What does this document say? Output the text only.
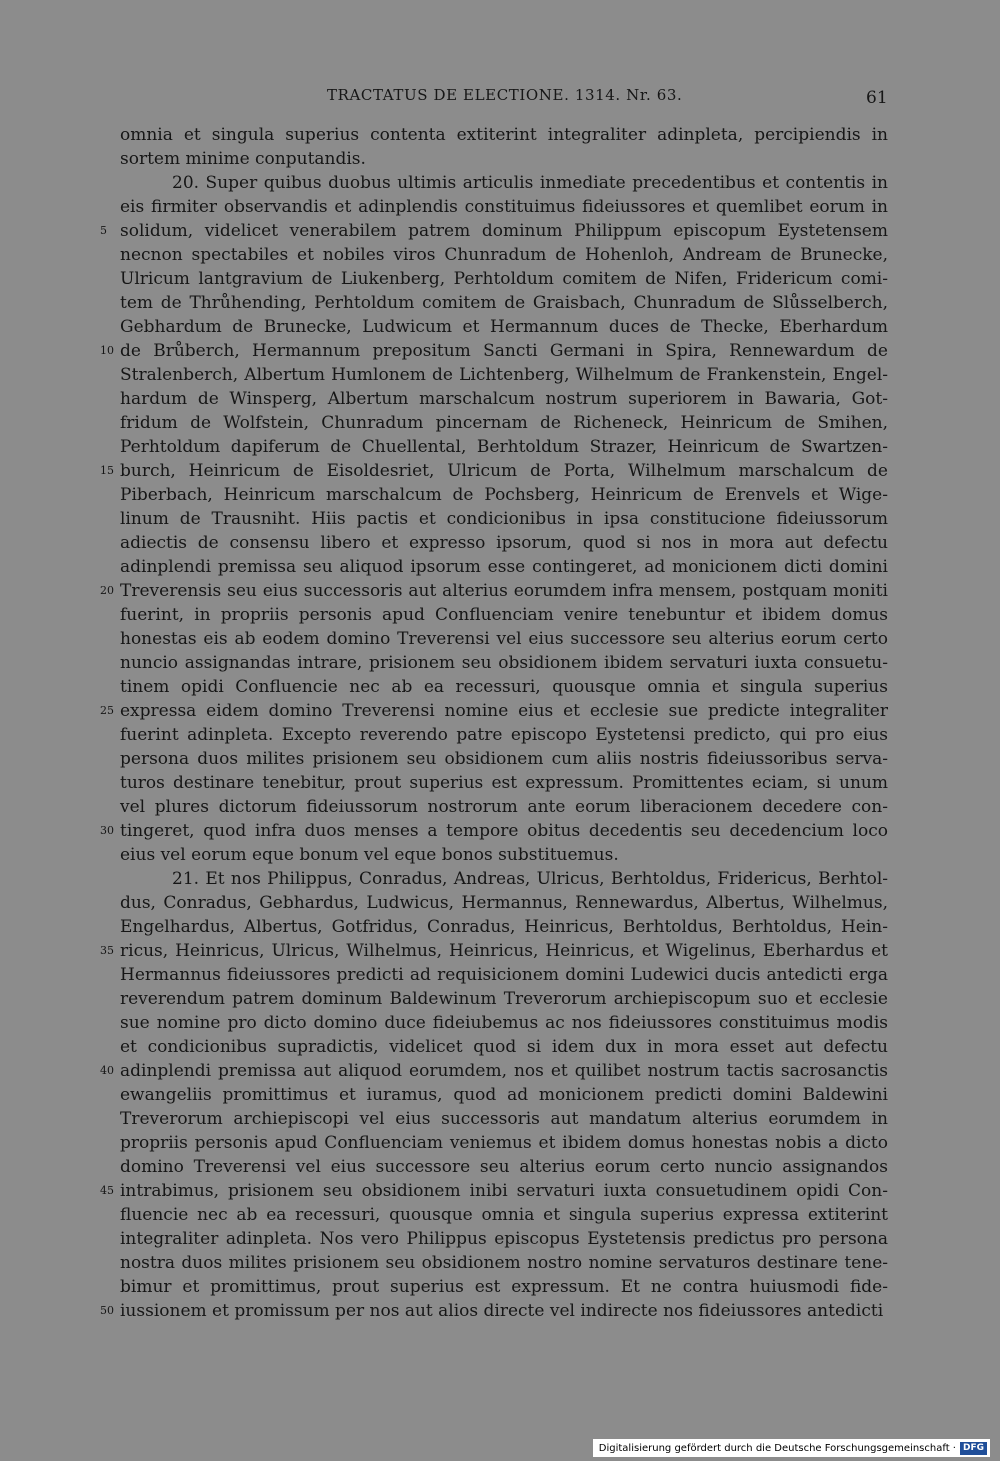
TRACTATUS DE ELECTIONE. 1314. Nr. 63.	61
omnia et singula superius contenta extiterint integraliter adinpleta, percipiendis in
sortem minime conputandis.
20. Super quibus duobus ultimis articulis inmediate precedentibus et contentis in
eis firmiter observandis et adinplendis constituimus fideiussores et quemlibet eorum in
solidum, videlicet venerabilem patrem dominum Philippum episcopum Eystetensem
5
necnon spectabiles et nobiles viros Chunradum de Hohenloh, Andream de Brunecke,
Ulricum lantgravium de Liukenberg, Perhtoldum comitem de Nifen, Fridericum comi-
tem de Thrůhending, Perhtoldum comitem de Graisbach, Chunradum de Slůsselberch,
Gebhardum de Brunecke, Ludwicum et Hermannum duces de Thecke, Eberhardum
de Brůberch, Hermannum prepositum Sancti Germani in Spira, Rennewardum de
10
Stralenberch, Albertum Humlonem de Lichtenberg, Wilhelmum de Frankenstein, Engel-
hardum de Winsperg, Albertum marschalcum nostrum superiorem in Bawaria, Got-
fridum de Wolfstein, Chunradum pincernam de Richeneck, Heinricum de Smihen,
Perhtoldum dapiferum de Chuellental, Berhtoldum Strazer, Heinricum de Swartzen-
burch, Heinricum de Eisoldesriet, Ulricum de Porta, Wilhelmum marschalcum de
15
Piberbach, Heinricum marschalcum de Pochsberg, Heinricum de Erenvels et Wige-
linum de Trausniht. Hiis pactis et condicionibus in ipsa constitucione fideiussorum
adiectis de consensu libero et expresso ipsorum, quod si nos in mora aut defectu
adinplendi premissa seu aliquod ipsorum esse contingeret, ad monicionem dicti domini
Treverensis seu eius successoris aut alterius eorumdem infra mensem, postquam moniti
20
fuerint, in propriis personis apud Confluenciam venire tenebuntur et ibidem domus
honestas eis ab eodem domino Treverensi vel eius successore seu alterius eorum certo
nuncio assignandas intrare, prisionem seu obsidionem ibidem servaturi iuxta consuetu-
tinem opidi Confluencie nec ab ea recessuri, quousque omnia et singula superius
expressa eidem domino Treverensi nomine eius et ecclesie sue predicte integraliter
25
fuerint adinpleta. Excepto reverendo patre episcopo Eystetensi predicto, qui pro eius
persona duos milites prisionem seu obsidionem cum aliis nostris fideiussoribus serva-
turos destinare tenebitur, prout superius est expressum. Promittentes eciam, si unum
vel plures dictorum fideiussorum nostrorum ante eorum liberacionem decedere con-
tingeret, quod infra duos menses a tempore obitus decedentis seu decedencium loco
30
eius vel eorum eque bonum vel eque bonos substituemus.
21. Et nos Philippus, Conradus, Andreas, Ulricus, Berhtoldus, Fridericus, Berhtol-
dus, Conradus, Gebhardus, Ludwicus, Hermannus, Rennewardus, Albertus, Wilhelmus,
Engelhardus, Albertus, Gotfridus, Conradus, Heinricus, Berhtoldus, Berhtoldus, Hein-
ricus, Heinricus, Ulricus, Wilhelmus, Heinricus, Heinricus, et Wigelinus, Eberhardus et
35
Hermannus fideiussores predicti ad requisicionem domini Ludewici ducis antedicti erga
reverendum patrem dominum Baldewinum Treverorum archiepiscopum suo et ecclesie
sue nomine pro dicto domino duce fideiubemus ac nos fideiussores constituimus modis
et condicionibus supradictis, videlicet quod si idem dux in mora esset aut defectu
adinplendi premissa aut aliquod eorumdem, nos et quilibet nostrum tactis sacrosanctis
40
ewangeliis promittimus et iuramus, quod ad monicionem predicti domini Baldewini
Treverorum archiepiscopi vel eius successoris aut mandatum alterius eorumdem in
propriis personis apud Confluenciam veniemus et ibidem domus honestas nobis a dicto
domino Treverensi vel eius successore seu alterius eorum certo nuncio assignandos
intrabimus, prisionem seu obsidionem inibi servaturi iuxta consuetudinem opidi Con-
45
fluencie nec ab ea recessuri, quousque omnia et singula superius expressa extiterint
integraliter adinpleta. Nos vero Philippus episcopus Eystetensis predictus pro persona
nostra duos milites prisionem seu obsidionem nostro nomine servaturos destinare tene-
bimur et promittimus, prout superius est expressum. Et ne contra huiusmodi fide-
iussionem et promissum per nos aut alios directe vel indirecte nos fideiussores antedicti
50
Digitalisierung gefördert durch die Deutsche Forschungsgemeinschaft · DFG
